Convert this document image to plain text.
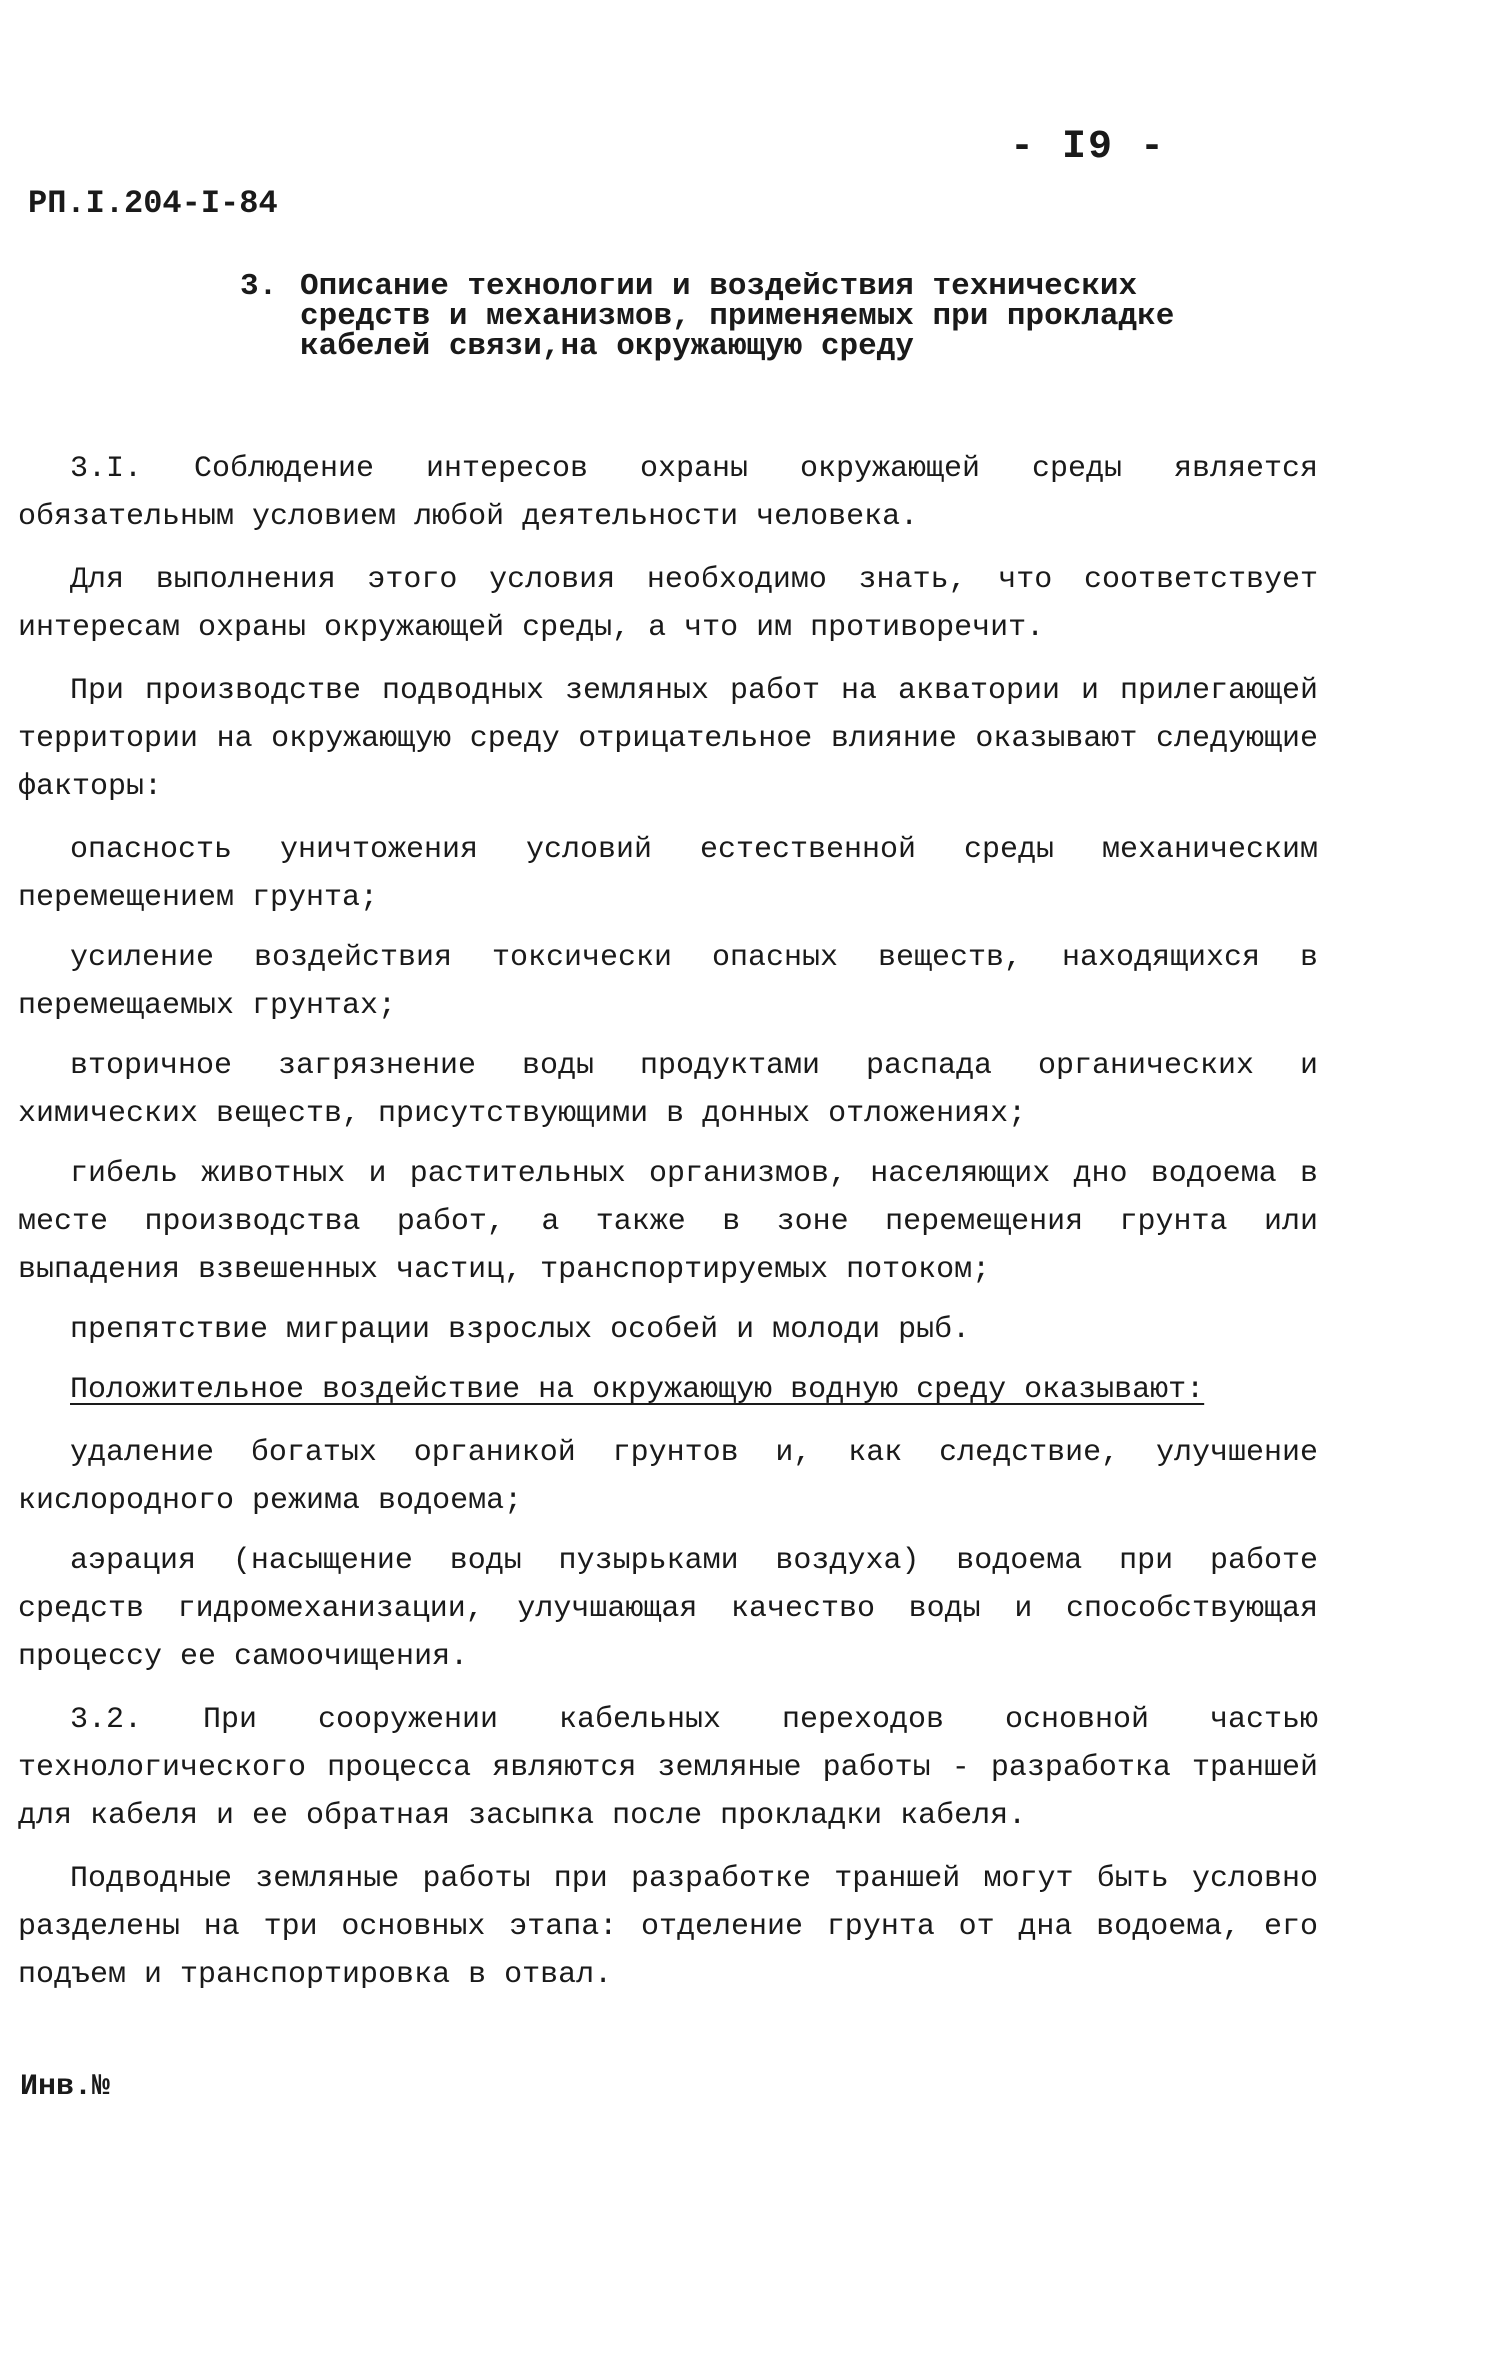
- I9 -
РП.I.204-I-84
3. Описание технологии и воздействия технических средств и механизмов, применяемых при прокладке кабелей связи,на окружающую среду

3.I. Соблюдение интересов охраны окружающей среды является обязательным условием любой деятельности человека.

Для выполнения этого условия необходимо знать, что соответствует интересам охраны окружающей среды, а что им противоречит.

При производстве подводных земляных работ на акватории и прилегающей территории на окружающую среду отрицательное влияние оказывают следующие факторы:

опасность уничтожения условий естественной среды механическим перемещением грунта;

усиление воздействия токсически опасных веществ, находящихся в перемещаемых грунтах;

вторичное загрязнение воды продуктами распада органических и химических веществ, присутствующими в донных отложениях;

гибель животных и растительных организмов, населяющих дно водоема в месте производства работ, а также в зоне перемещения грунта или выпадения взвешенных частиц, транспортируемых потоком;

препятствие миграции взрослых особей и молоди рыб.

Положительное воздействие на окружающую водную среду оказывают:

удаление богатых органикой грунтов и, как следствие, улучшение кислородного режима водоема;

аэрация (насыщение воды пузырьками воздуха) водоема при работе средств гидромеханизации, улучшающая качество воды и способствующая процессу ее самоочищения.

3.2. При сооружении кабельных переходов основной частью технологического процесса являются земляные работы - разработка траншей для кабеля и ее обратная засыпка после прокладки кабеля.

Подводные земляные работы при разработке траншей могут быть условно разделены на три основных этапа: отделение грунта от дна водоема, его подъем и транспортировка в отвал.

Инв.№
